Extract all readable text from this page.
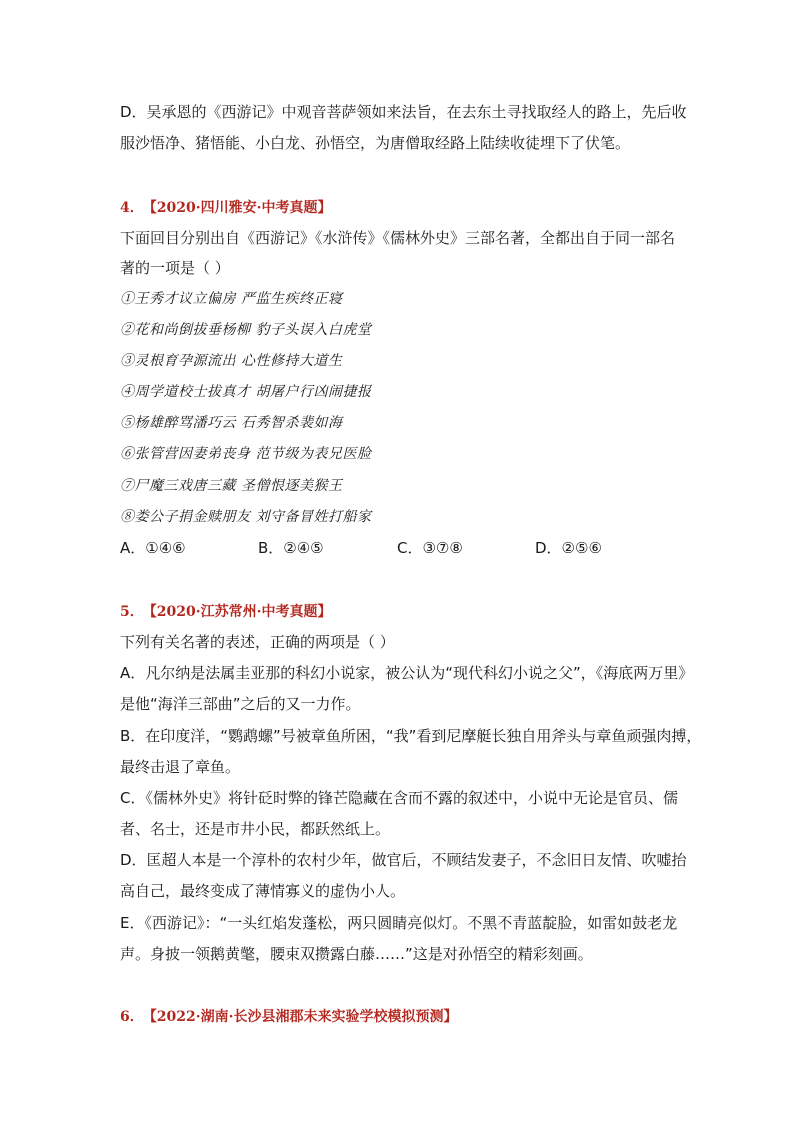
D．吴承恩的《西游记》中观音菩萨领如来法旨，在去东土寻找取经人的路上，先后收
服沙悟净、猪悟能、小白龙、孙悟空，为唐僧取经路上陆续收徒埋下了伏笔。
4． 【2020·四川雅安·中考真题】
下面回目分别出自《西游记》《水浒传》《儒林外史》三部名著，全都出自于同一部名
著的一项是（ ）
①王秀才议立偏房 严监生疾终正寝
②花和尚倒拔垂杨柳 豹子头误入白虎堂
③灵根育孕源流出 心性修持大道生
④周学道校士拔真才 胡屠户行凶闹捷报
⑤杨雄醉骂潘巧云 石秀智杀裴如海
⑥张管营因妻弟丧身 范节级为表兄医脸
⑦尸魔三戏唐三藏 圣僧恨逐美猴王
⑧娄公子捐金赎朋友 刘守备冒姓打船家
A．①④⑥	B．②④⑤	C．③⑦⑧	D．②⑤⑥
5． 【2020·江苏常州·中考真题】
下列有关名著的表述，正确的两项是（ ）
A．凡尔纳是法属圭亚那的科幻小说家，被公认为“现代科幻小说之父”，《海底两万里》
是他“海洋三部曲”之后的又一力作。
B．在印度洋，“鹦鹉螺”号被章鱼所困，“我”看到尼摩艇长独自用斧头与章鱼顽强肉搏，
最终击退了章鱼。
C．《儒林外史》将针砭时弊的锋芒隐藏在含而不露的叙述中，小说中无论是官员、儒
者、名士，还是市井小民，都跃然纸上。
D．匡超人本是一个淳朴的农村少年，做官后，不顾结发妻子，不念旧日友情、吹嘘抬
高自己，最终变成了薄情寡义的虚伪小人。
E．《西游记》：“一头红焰发蓬松，两只圆睛亮似灯。不黑不青蓝靛脸，如雷如鼓老龙
声。身披一领鹅黄氅，腰束双攒露白藤……”这是对孙悟空的精彩刻画。
6． 【2022·湖南·长沙县湘郡未来实验学校模拟预测】
